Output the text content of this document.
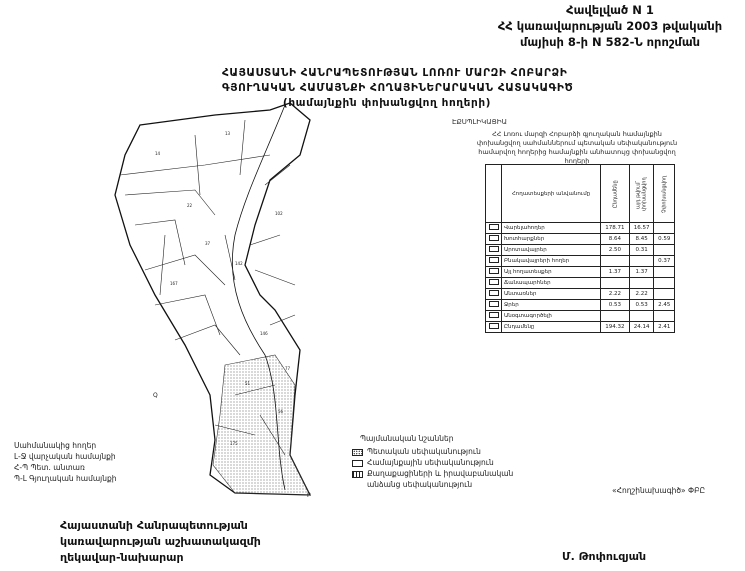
Հավելված N 1
ՀՀ կառավարության 2003 թվականի
մայիսի 8-ի N 582-Ն որոշման
ՀԱՅԱՍՏԱՆԻ ՀԱՆՐԱՊԵՏՈՒԹՅԱՆ ԼՈՌՈՒ ՄԱՐԶԻ ՀՈԲԱՐՁԻ
ԳՅՈՒՂԱԿԱՆ ՀԱՄԱՅՆՔԻ ՀՈՂԱՅԻՆԵՐԱՐԱԿԱՆ ՀԱՏԱԿԱԳԻԾ
(համայնքին փոխանցվող հողերի)
ԷՔՍՊԼԻԿԱՑԻԱ
ՀՀ Լոռու մարզի Հոբարձի գյուղական համայնքին փոխանցվող սահմաններում պետական սեփականություն համարվող հողերից համայնքին անհատույց փոխանցվող հողերի
	Հողատեսքերի անվանումը	Ընդամենը	այդ թվում` փոխանցվող	Չփոխանցվող
	Վարելահողեր	178.71	16.57	
	Խոտհարքներ	8.64	8.45	0.59
	Արոտավայրեր	2.50	0.31	
	Բնակավայրերի հողեր			0.37
	Այլ հողատեսքեր	1.37	1.37	
	Ճանապարհներ			
	Անտառներ	2.22	2.22	
	Ջրեր	0.53	0.53	2.45
	Անօգտագործելի			
	Ընդամենը	194.32	24.14	2.41
14
13
22
37
167
142
102
146
51
77
56
175
Q
P
Սահմանակից հողեր
Լ-Ջ վարչական համայնքի
Հ-Պ Պետ. անտառ
Պ-Լ Գյուղական համայնքի
Պայմանական նշաններ
Պետական սեփականություն
Համայնքային սեփականություն
Քաղաքացիների և իրավաբանական
անձանց սեփականություն
«Հողշինախագիծ» ՓԲԸ
Հայաստանի Հանրապետության
կառավարության աշխատակազմի
ղեկավար-նախարար	Մ. Թոփուզյան
